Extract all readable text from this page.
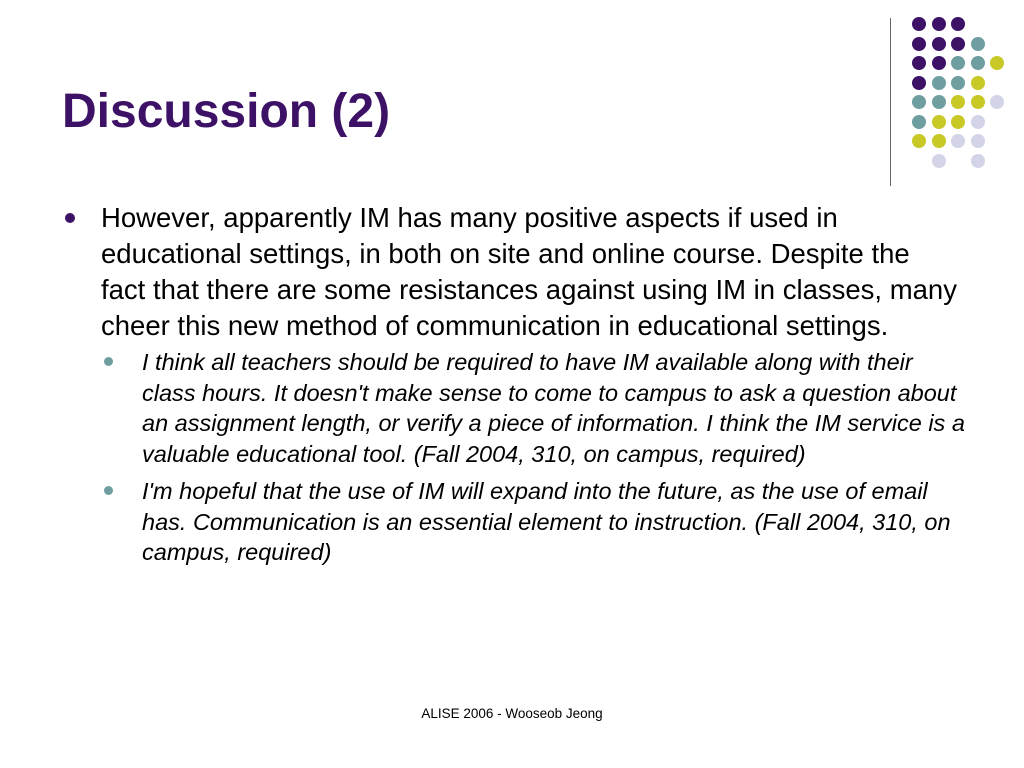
Discussion (2)
However, apparently IM has many positive aspects if used in educational settings, in both on site and online course. Despite the fact that there are some resistances against using IM in classes, many cheer this new method of communication in educational settings.
I think all teachers should be required to have IM available along with their class hours. It doesn't make sense to come to campus to ask a question about an assignment length, or verify a piece of information. I think the IM service is a valuable educational tool. (Fall 2004, 310, on campus, required)
I'm hopeful that the use of IM will expand into the future, as the use of email has. Communication is an essential element to instruction. (Fall 2004, 310, on campus, required)
ALISE 2006 - Wooseob Jeong
